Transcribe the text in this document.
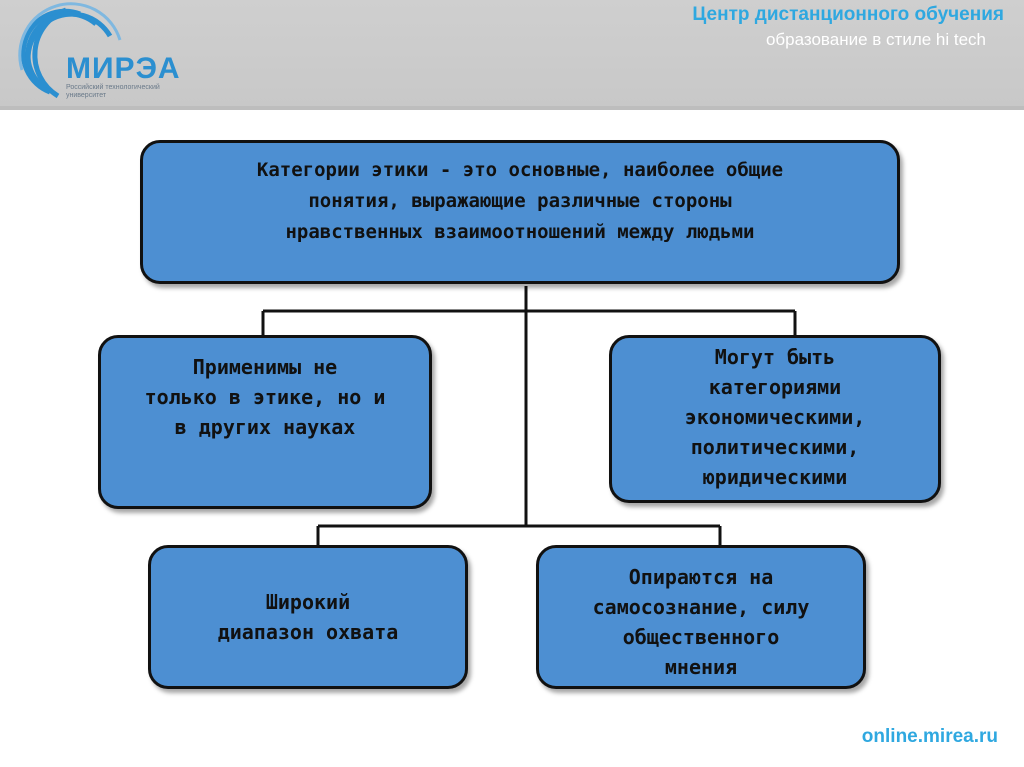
МИРЭА
Российский технологический университет
Центр дистанционного обучения
образование в стиле hi tech
Категории этики - это основные, наиболее общие
понятия, выражающие различные стороны
нравственных взаимоотношений между людьми
Применимы не
только в этике, но и
в других науках
Могут быть
категориями
экономическими,
политическими,
юридическими
Широкий
диапазон охвата
Опираются на
самосознание, силу
общественного
мнения
online.mirea.ru
